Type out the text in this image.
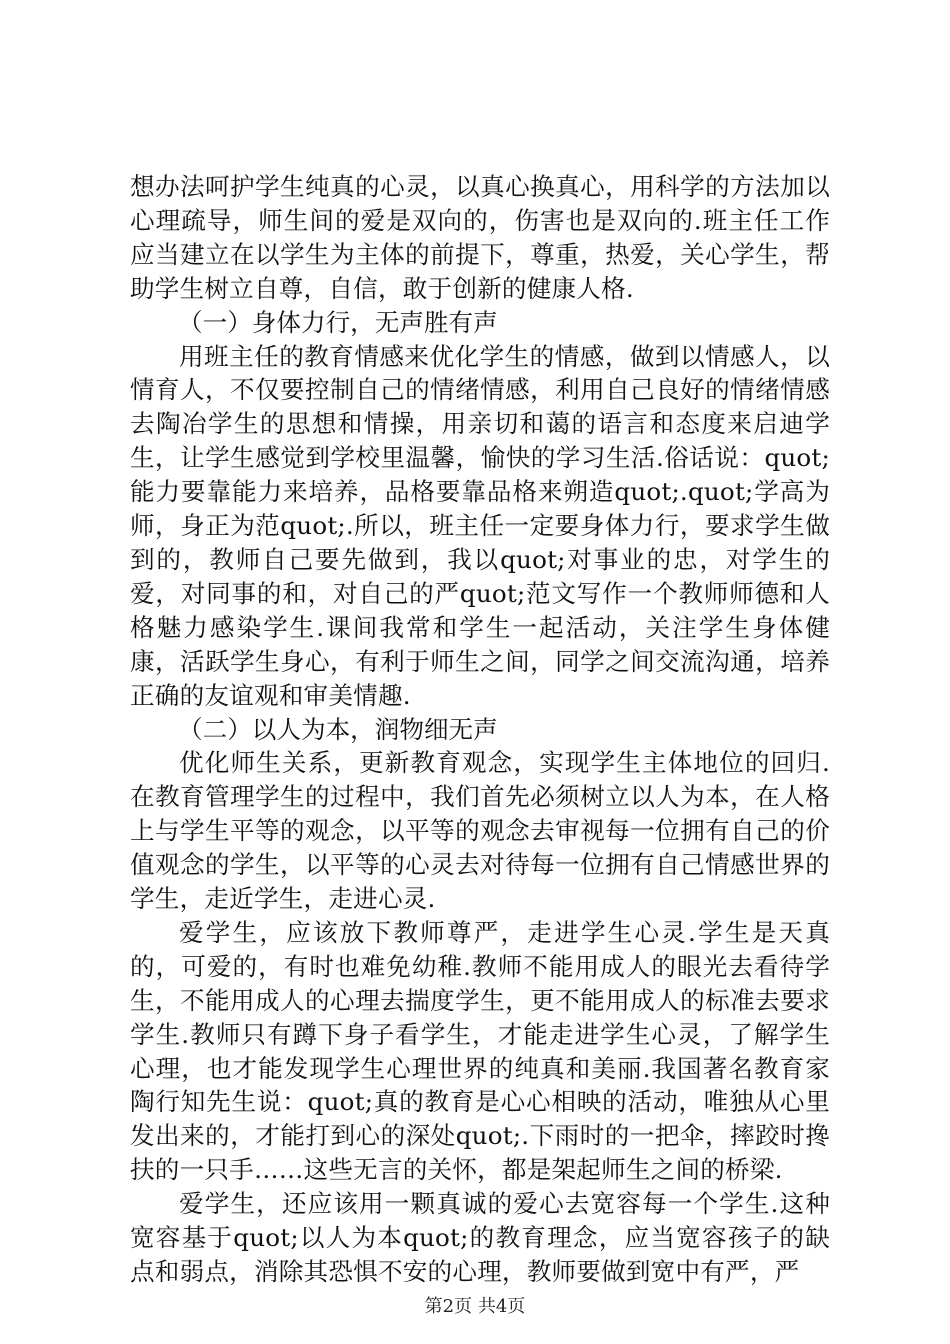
想办法呵护学生纯真的心灵，以真心换真心，用科学的方法加以心理疏导，师生间的爱是双向的，伤害也是双向的.班主任工作应当建立在以学生为主体的前提下，尊重，热爱，关心学生，帮助学生树立自尊，自信，敢于创新的健康人格.

（一）身体力行，无声胜有声

用班主任的教育情感来优化学生的情感，做到以情感人，以情育人，不仅要控制自己的情绪情感，利用自己良好的情绪情感去陶冶学生的思想和情操，用亲切和蔼的语言和态度来启迪学生，让学生感觉到学校里温馨，愉快的学习生活.俗话说：quot;能力要靠能力来培养，品格要靠品格来朔造quot;.quot;学高为师，身正为范quot;.所以，班主任一定要身体力行，要求学生做到的，教师自己要先做到，我以quot;对事业的忠，对学生的爱，对同事的和，对自己的严quot;范文写作一个教师师德和人格魅力感染学生.课间我常和学生一起活动，关注学生身体健康，活跃学生身心，有利于师生之间，同学之间交流沟通，培养正确的友谊观和审美情趣.

（二）以人为本，润物细无声

优化师生关系，更新教育观念，实现学生主体地位的回归.在教育管理学生的过程中，我们首先必须树立以人为本，在人格上与学生平等的观念，以平等的观念去审视每一位拥有自己的价值观念的学生，以平等的心灵去对待每一位拥有自己情感世界的学生，走近学生，走进心灵.

爱学生，应该放下教师尊严，走进学生心灵.学生是天真的，可爱的，有时也难免幼稚.教师不能用成人的眼光去看待学生，不能用成人的心理去揣度学生，更不能用成人的标准去要求学生.教师只有蹲下身子看学生，才能走进学生心灵，了解学生心理，也才能发现学生心理世界的纯真和美丽.我国著名教育家陶行知先生说：quot;真的教育是心心相映的活动，唯独从心里发出来的，才能打到心的深处quot;.下雨时的一把伞，摔跤时搀扶的一只手……这些无言的关怀，都是架起师生之间的桥梁.

爱学生，还应该用一颗真诚的爱心去宽容每一个学生.这种宽容基于quot;以人为本quot;的教育理念，应当宽容孩子的缺点和弱点，消除其恐惧不安的心理，教师要做到宽中有严，严

第2页 共4页
